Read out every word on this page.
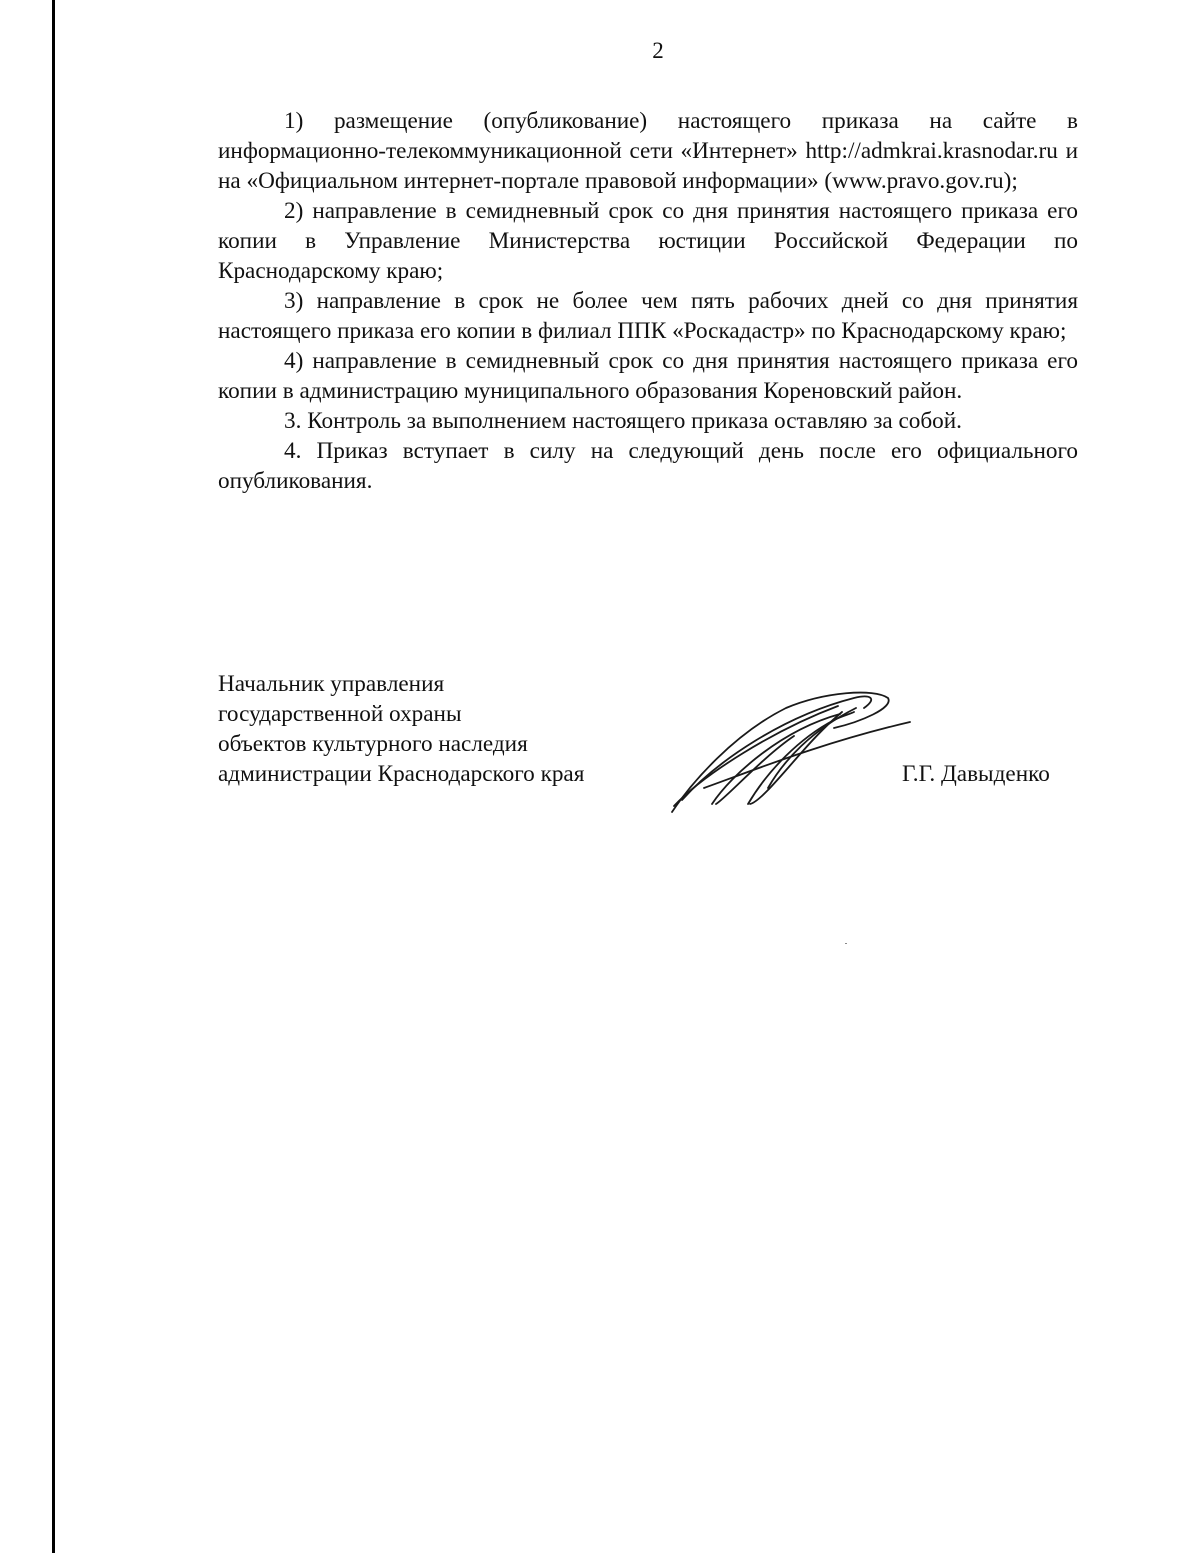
2

1) размещение (опубликование) настоящего приказа на сайте в информационно-телекоммуникационной сети «Интернет» http://admkrai.krasnodar.ru и на «Официальном интернет-портале правовой информации» (www.pravo.gov.ru);

2) направление в семидневный срок со дня принятия настоящего приказа его копии в Управление Министерства юстиции Российской Федерации по Краснодарскому краю;

3) направление в срок не более чем пять рабочих дней со дня принятия настоящего приказа его копии в филиал ППК «Роскадастр» по Краснодарскому краю;

4) направление в семидневный срок со дня принятия настоящего приказа его копии в администрацию муниципального образования Кореновский район.

3. Контроль за выполнением настоящего приказа оставляю за собой.

4. Приказ вступает в силу на следующий день после его официального опубликования.

Начальник управления
государственной охраны
объектов культурного наследия
администрации Краснодарского края	Г.Г. Давыденко
